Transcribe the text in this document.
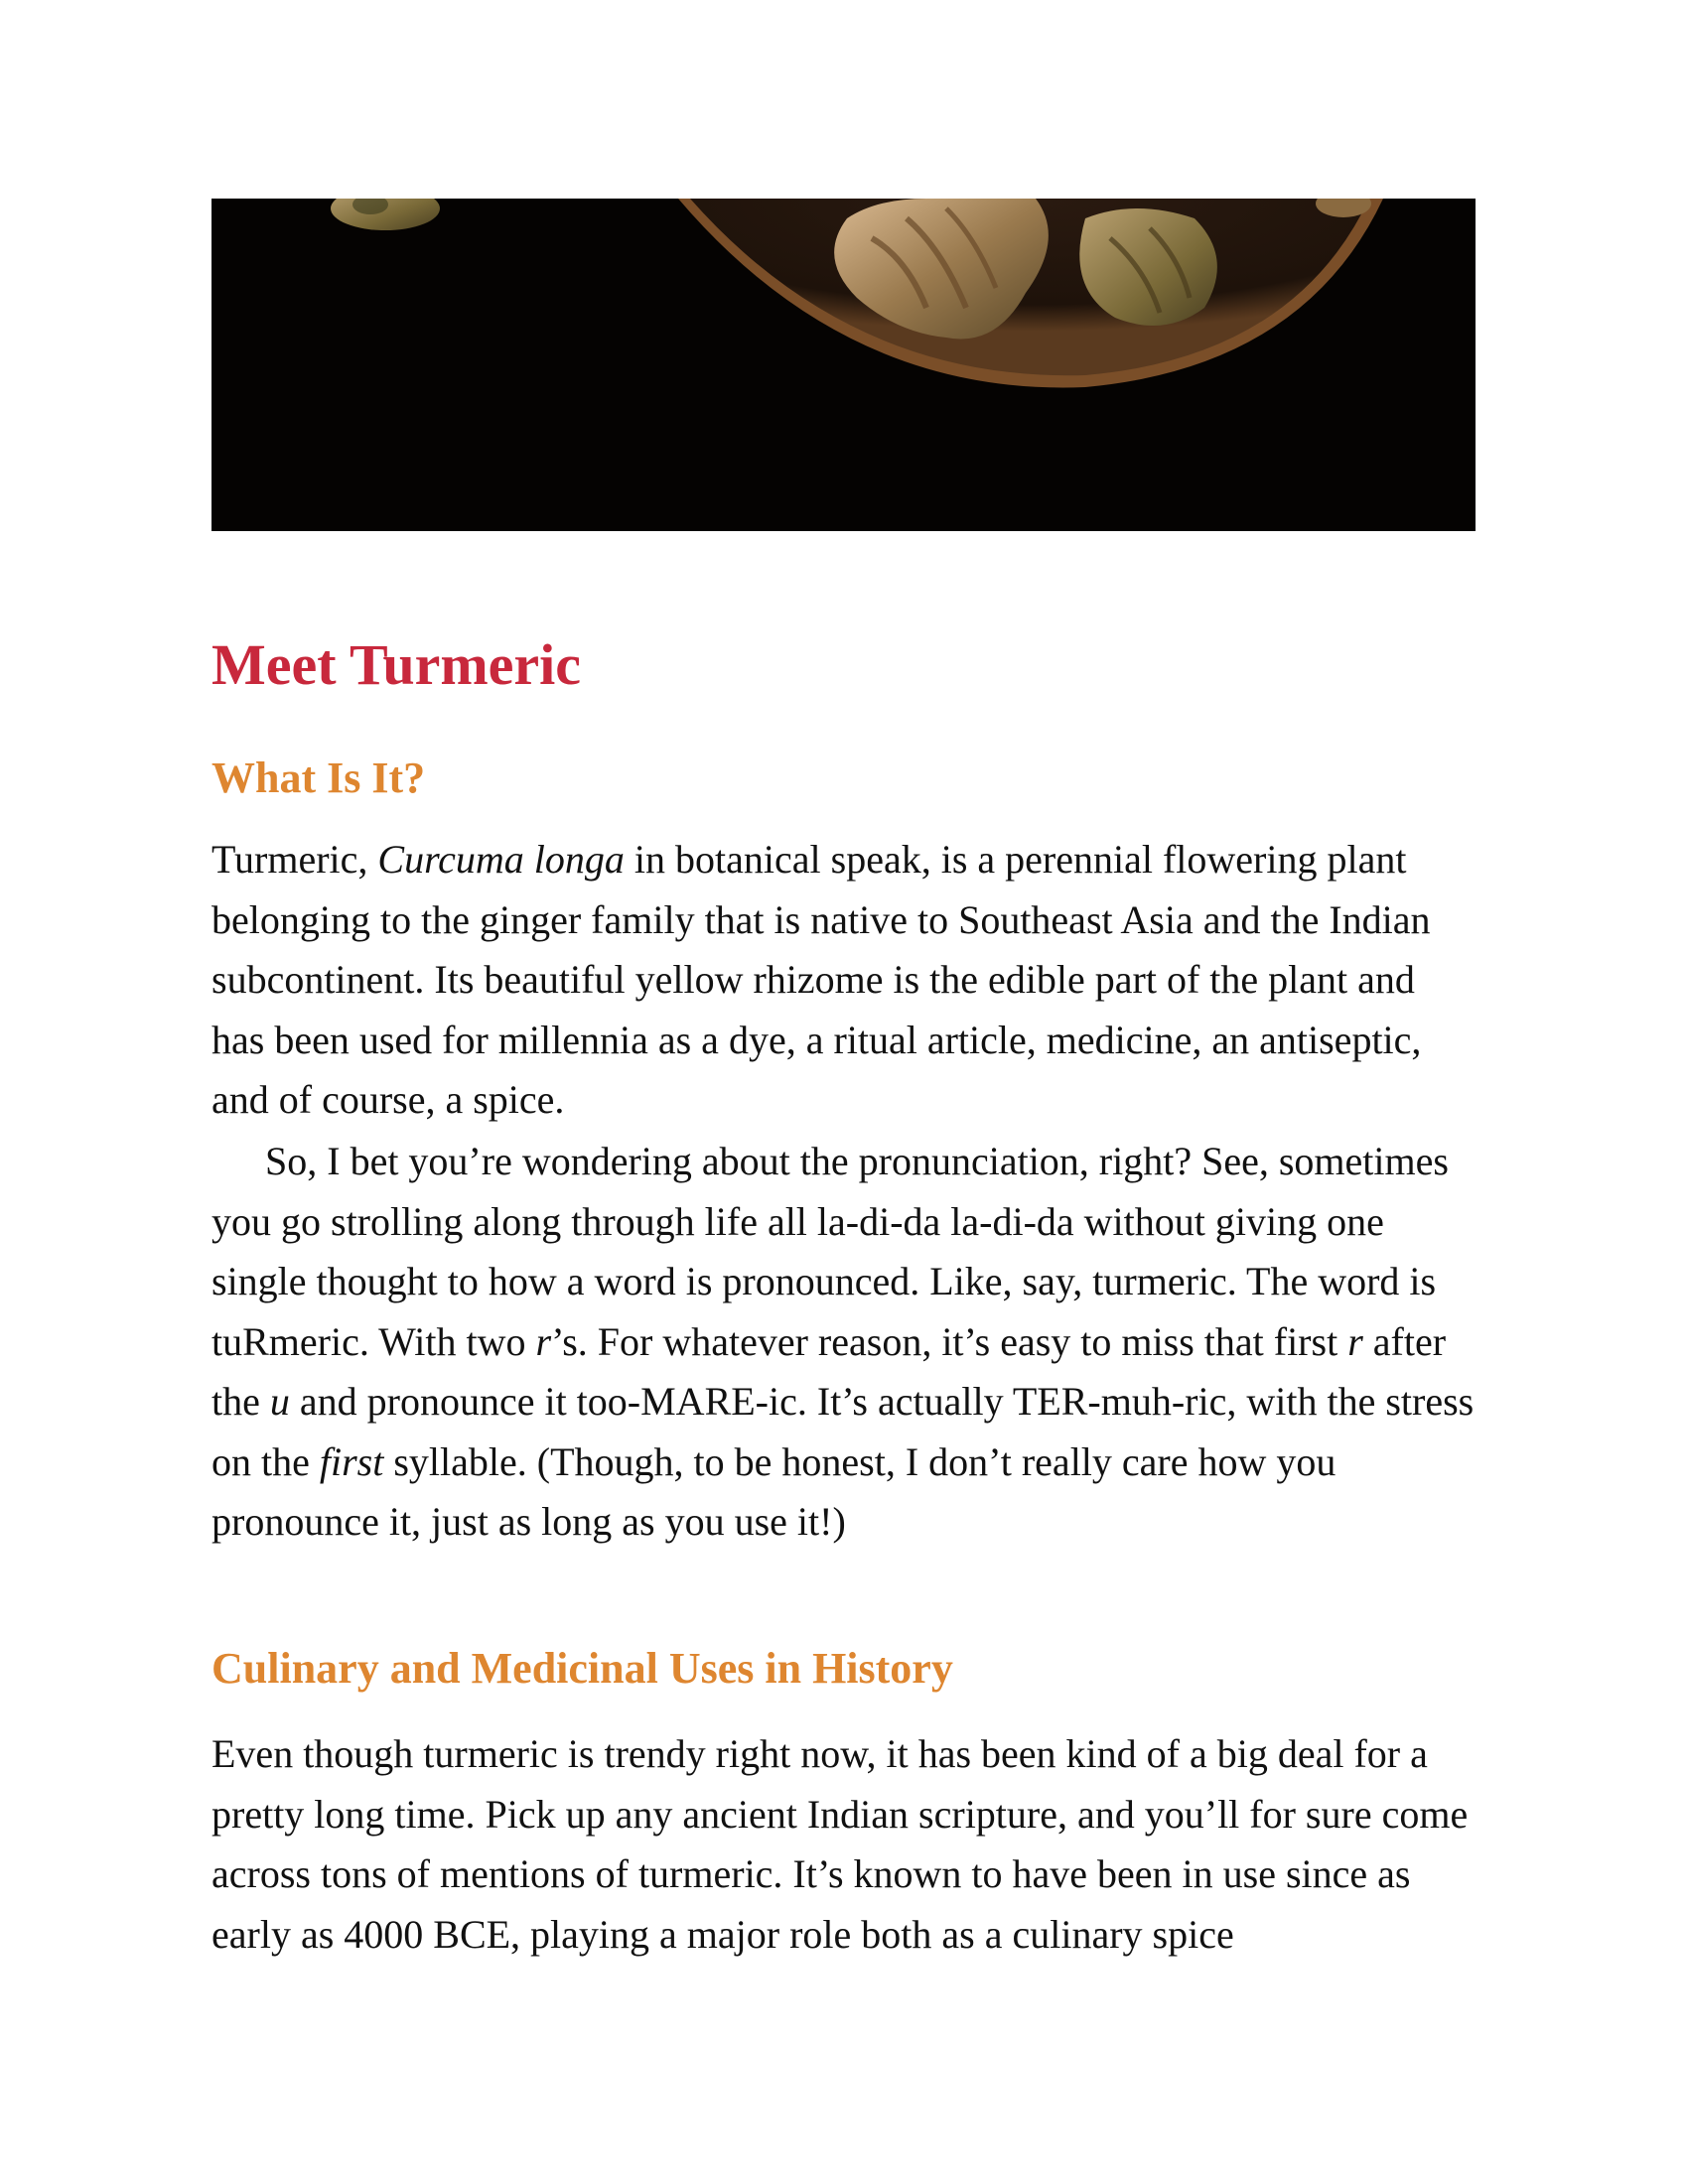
Meet Turmeric
What Is It?

Turmeric, Curcuma longa in botanical speak, is a perennial flowering plant belonging to the ginger family that is native to Southeast Asia and the Indian subcontinent. Its beautiful yellow rhizome is the edible part of the plant and has been used for millennia as a dye, a ritual article, medicine, an antiseptic, and of course, a spice.

So, I bet you’re wondering about the pronunciation, right? See, sometimes you go strolling along through life all la-di-da la-di-da without giving one single thought to how a word is pronounced. Like, say, turmeric. The word is tuRmeric. With two r’s. For whatever reason, it’s easy to miss that first r after the u and pronounce it too-MARE-ic. It’s actually TER-muh-ric, with the stress on the first syllable. (Though, to be honest, I don’t really care how you pronounce it, just as long as you use it!)

Culinary and Medicinal Uses in History

Even though turmeric is trendy right now, it has been kind of a big deal for a pretty long time. Pick up any ancient Indian scripture, and you’ll for sure come across tons of mentions of turmeric. It’s known to have been in use since as early as 4000 BCE, playing a major role both as a culinary spice
